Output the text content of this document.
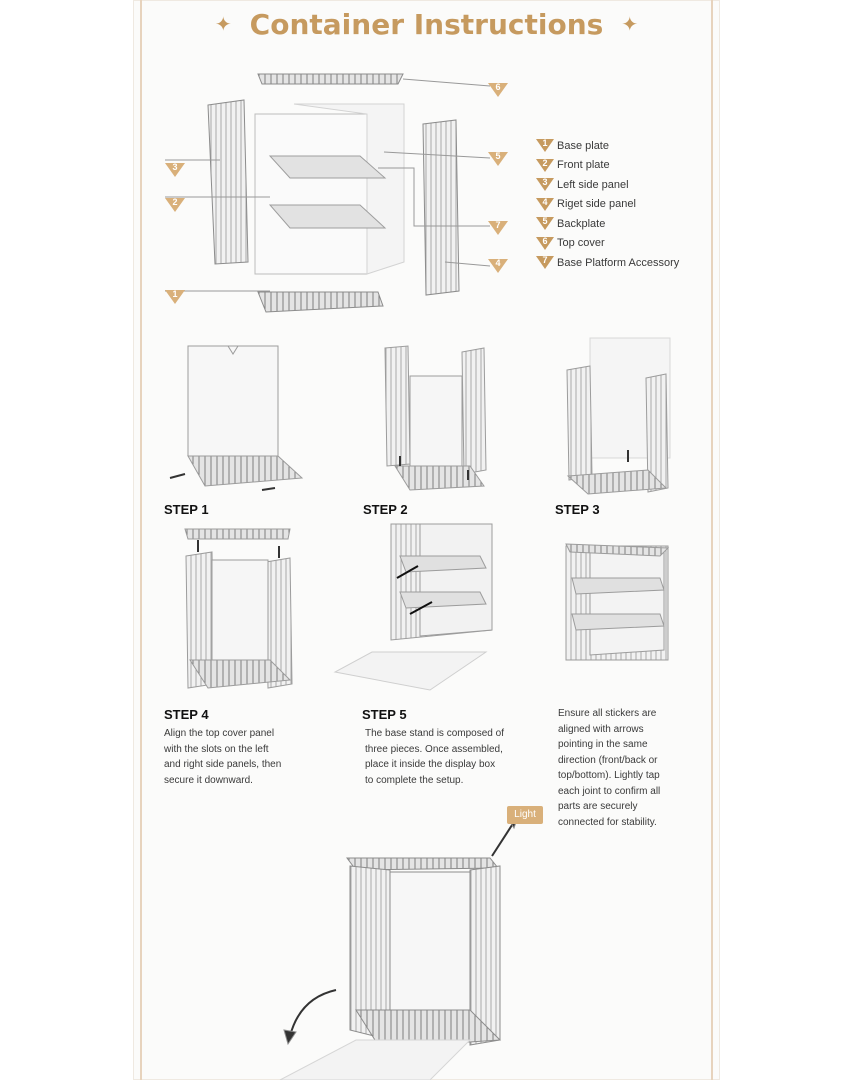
✦ Container Instructions ✦
1 Base plate
2 Front plate
3 Left side panel
4 Riget side panel
5 Backplate
6 Top cover
7 Base Platform Accessory
6
3
5
2
7
4
1
STEP 1	STEP 2	STEP 3
STEP 4	STEP 5
Align the top cover panel
with the slots on the left
and right side panels, then
secure it downward.
The base stand is composed of
three pieces. Once assembled,
place it inside the display box
to complete the setup.
Ensure all stickers are
aligned with arrows
pointing in the same
direction (front/back or
top/bottom). Lightly tap
each joint to confirm all
parts are securely
connected for stability.
Light
